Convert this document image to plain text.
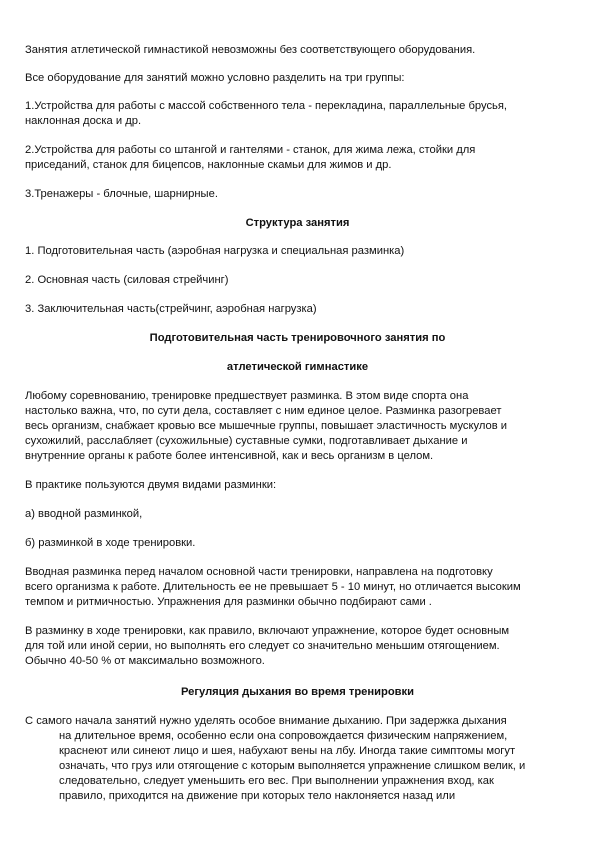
Занятия атлетической гимнастикой невозможны без соответствующего оборудования.
Все оборудование для занятий можно условно разделить на три группы:
1.Устройства для работы с массой собственного тела - перекладина, параллельные брусья,
наклонная доска и др.
2.Устройства для работы со штангой и гантелями - станок, для жима лежа, стойки для
приседаний, станок для бицепсов, наклонные скамьи для жимов и др.
3.Тренажеры - блочные, шарнирные.
Структура занятия
1. Подготовительная часть (аэробная нагрузка и специальная разминка)
2. Основная часть (силовая стрейчинг)
3. Заключительная часть(стрейчинг, аэробная нагрузка)
Подготовительная часть тренировочного занятия по
атлетической гимнастике
Любому соревнованию, тренировке предшествует разминка. В этом виде спорта она
настолько важна, что, по сути дела, составляет с ним единое целое. Разминка разогревает
весь организм, снабжает кровью все мышечные группы, повышает эластичность мускулов и
сухожилий, расслабляет (сухожильные) суставные сумки, подготавливает дыхание и
внутренние органы к работе более интенсивной, как и весь организм в целом.
В практике пользуются двумя видами разминки:
а) вводной разминкой,
б) разминкой в ходе тренировки.
Вводная разминка перед началом основной части тренировки, направлена на подготовку
всего организма к работе. Длительность ее не превышает 5 - 10 минут, но отличается высоким
темпом и ритмичностью. Упражнения для разминки обычно подбирают сами .
В разминку в ходе тренировки, как правило, включают упражнение, которое будет основным
для той или иной серии, но выполнять его следует со значительно меньшим отягощением.
Обычно 40-50 % от максимально возможного.
Регуляция дыхания во время тренировки
С самого начала занятий нужно уделять особое внимание дыханию. При задержка дыхания
на длительное время, особенно если она сопровождается физическим напряжением,
краснеют или синеют лицо и шея, набухают вены на лбу. Иногда такие симптомы могут
означать, что груз или отягощение с которым выполняется упражнение слишком велик, и
следовательно, следует уменьшить его вес. При выполнении упражнения вход, как
правило, приходится на движение при которых тело наклоняется назад или
